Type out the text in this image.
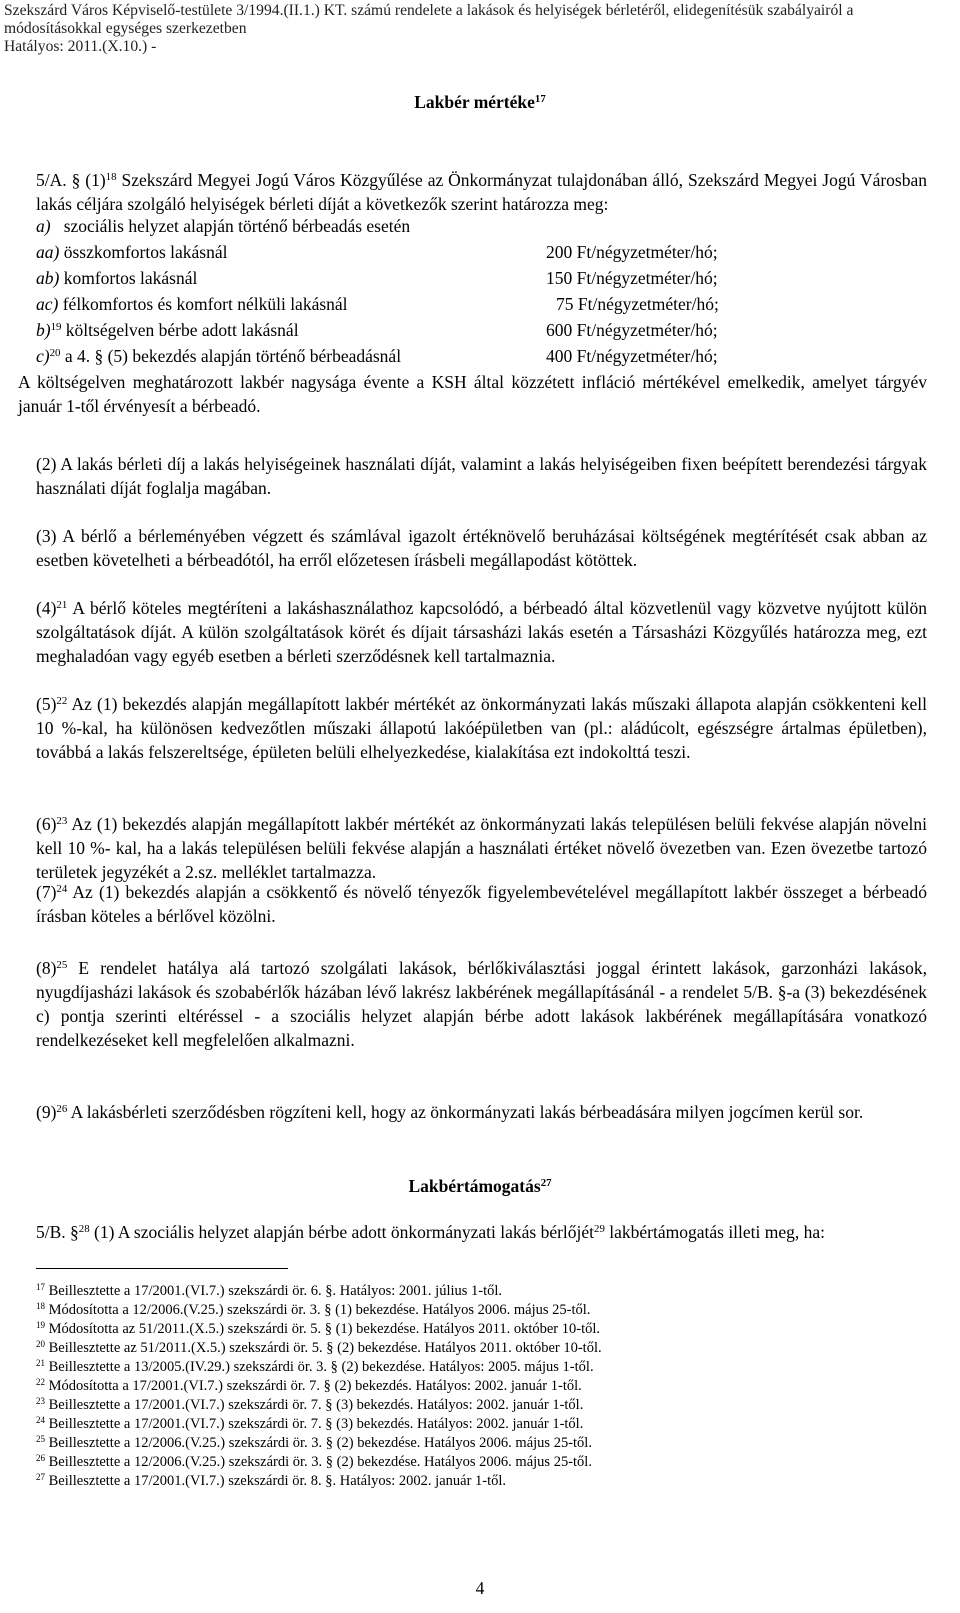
Szekszárd Város Képviselő-testülete 3/1994.(II.1.) KT. számú rendelete a lakások és helyiségek bérletéről, elidegenítésük szabályairól a
módosításokkal egységes szerkezetben
Hatályos: 2011.(X.10.) -
Lakbér mértéke$^{17}$
5/A. § $(1)^{18}$ Szekszárd Megyei Jogú Város Közgyűlése az Önkormányzat tulajdonában álló, Szekszárd Megyei Jogú Városban lakás céljára szolgáló helyiségek bérleti díját a következők szerint határozza meg:
a)   szociális helyzet alapján történő bérbeadás esetén
aa) összkomfortos lakásnál	200 Ft/négyzetméter/hó;
ab) komfortos lakásnál	150 Ft/négyzetméter/hó;
ac) félkomfortos és komfort nélküli lakásnál	75 Ft/négyzetméter/hó;
b)$^{19}$ költségelven bérbe adott lakásnál	600 Ft/négyzetméter/hó;
c)$^{20}$ a 4. § (5) bekezdés alapján történő bérbeadásnál	400 Ft/négyzetméter/hó;
A költségelven meghatározott lakbér nagysága évente a KSH által közzétett infláció mértékével emelkedik, amelyet tárgyév január 1-től érvényesít a bérbeadó.
(2) A lakás bérleti díj a lakás helyiségeinek használati díját, valamint a lakás helyiségeiben fixen beépített berendezési tárgyak használati díját foglalja magában.
(3) A bérlő a bérleményében végzett és számlával igazolt értéknövelő beruházásai költségének megtérítését csak abban az esetben követelheti a bérbeadótól, ha erről előzetesen írásbeli megállapodást kötöttek.
$(4)^{21}$ A bérlő köteles megtéríteni a lakáshasználathoz kapcsolódó, a bérbeadó által közvetlenül vagy közvetve nyújtott külön szolgáltatások díját. A külön szolgáltatások körét és díjait társasházi lakás esetén a Társasházi Közgyűlés határozza meg, ezt meghaladóan vagy egyéb esetben a bérleti szerződésnek kell tartalmaznia.
$(5)^{22}$ Az (1) bekezdés alapján megállapított lakbér mértékét az önkormányzati lakás műszaki állapota alapján csökkenteni kell 10 %-kal, ha különösen kedvezőtlen műszaki állapotú lakóépületben van (pl.: aládúcolt, egészségre ártalmas épületben), továbbá a lakás felszereltsége, épületen belüli elhelyezkedése, kialakítása ezt indokolttá teszi.
$(6)^{23}$ Az (1) bekezdés alapján megállapított lakbér mértékét az önkormányzati lakás településen belüli fekvése alapján növelni kell 10 %- kal, ha a lakás településen belüli fekvése alapján a használati értéket növelő övezetben van. Ezen övezetbe tartozó területek jegyzékét a 2.sz. melléklet tartalmazza.
$(7)^{24}$ Az (1) bekezdés alapján a csökkentő és növelő tényezők figyelembevételével megállapított lakbér összeget a bérbeadó írásban köteles a bérlővel közölni.
$(8)^{25}$ E rendelet hatálya alá tartozó szolgálati lakások, bérlőkiválasztási joggal érintett lakások, garzonházi lakások, nyugdíjasházi lakások és szobabérlők házában lévő lakrész lakbérének megállapításánál - a rendelet 5/B. §-a (3) bekezdésének c) pontja szerinti eltéréssel - a szociális helyzet alapján bérbe adott lakások lakbérének megállapítására vonatkozó rendelkezéseket kell megfelelően alkalmazni.
$(9)^{26}$ A lakásbérleti szerződésben rögzíteni kell, hogy az önkormányzati lakás bérbeadására milyen jogcímen kerül sor.
Lakbértámogatás$^{27}$
5/B. §$^{28}$ (1) A szociális helyzet alapján bérbe adott önkormányzati lakás bérlőjét$^{29}$ lakbértámogatás illeti meg, ha:
$^{17}$ Beillesztette a 17/2001.(VI.7.) szekszárdi ör. 6. §. Hatályos: 2001. július 1-től.
$^{18}$ Módosította a 12/2006.(V.25.) szekszárdi ör. 3. § (1) bekezdése. Hatályos 2006. május 25-től.
$^{19}$ Módosította az 51/2011.(X.5.) szekszárdi ör. 5. § (1) bekezdése. Hatályos 2011. október 10-től.
$^{20}$ Beillesztette az 51/2011.(X.5.) szekszárdi ör. 5. § (2) bekezdése. Hatályos 2011. október 10-től.
$^{21}$ Beillesztette a 13/2005.(IV.29.) szekszárdi ör. 3. § (2) bekezdése. Hatályos: 2005. május 1-től.
$^{22}$ Módosította a 17/2001.(VI.7.) szekszárdi ör. 7. § (2) bekezdés. Hatályos: 2002. január 1-től.
$^{23}$ Beillesztette a 17/2001.(VI.7.) szekszárdi ör. 7. § (3) bekezdés. Hatályos: 2002. január 1-től.
$^{24}$ Beillesztette a 17/2001.(VI.7.) szekszárdi ör. 7. § (3) bekezdés. Hatályos: 2002. január 1-től.
$^{25}$ Beillesztette a 12/2006.(V.25.) szekszárdi ör. 3. § (2) bekezdése. Hatályos 2006. május 25-től.
$^{26}$ Beillesztette a 12/2006.(V.25.) szekszárdi ör. 3. § (2) bekezdése. Hatályos 2006. május 25-től.
$^{27}$ Beillesztette a 17/2001.(VI.7.) szekszárdi ör. 8. §. Hatályos: 2002. január 1-től.
4
